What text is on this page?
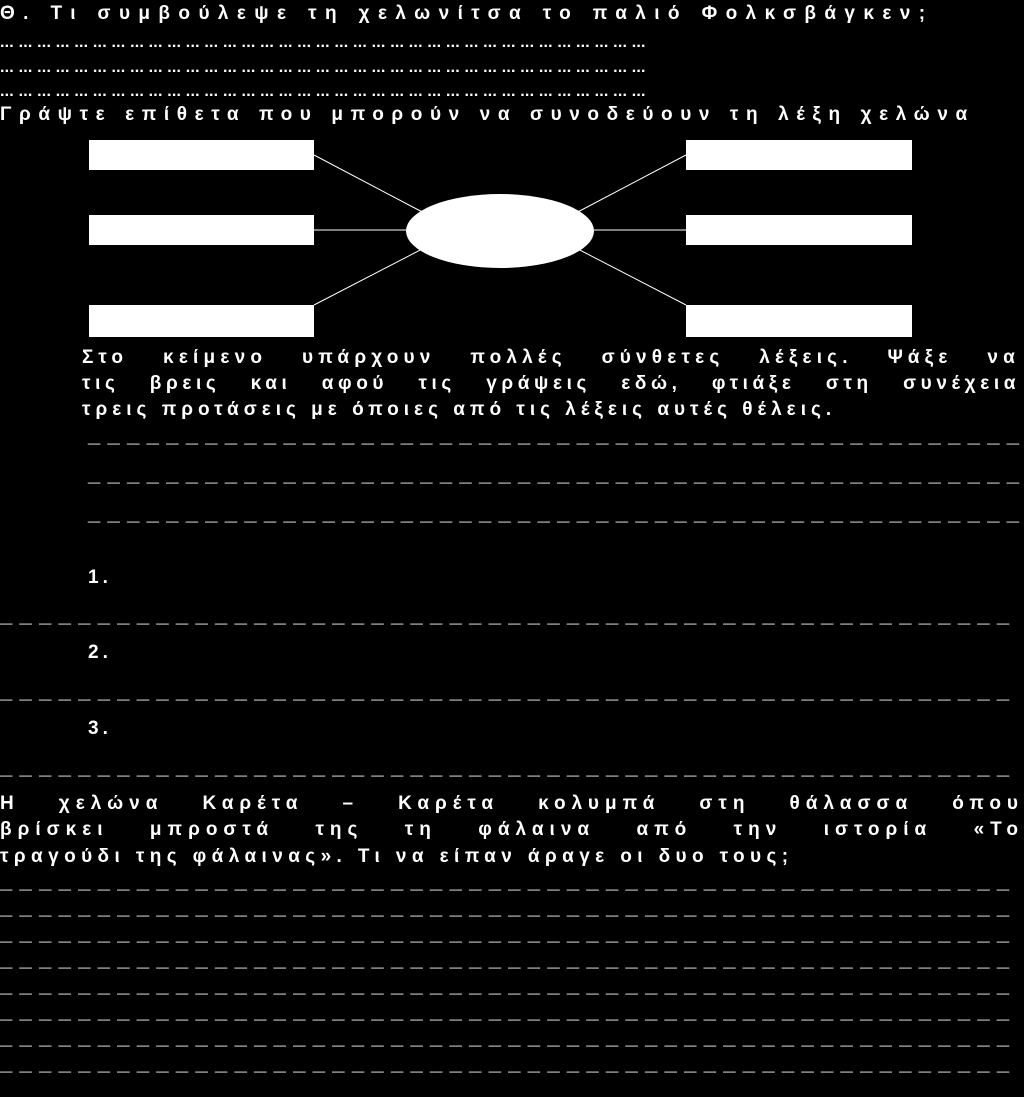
Θ. Τι συμβούλεψε τη χελωνίτσα το παλιό Φολκσβάγκεν;
... ... ... ... ... ... ... ... ... ... ... ... ... ... ... ... ... ... ... ... ... ... ... ... ... ... ... ... ... ... ... ... ... ... ...
... ... ... ... ... ... ... ... ... ... ... ... ... ... ... ... ... ... ... ... ... ... ... ... ... ... ... ... ... ... ... ... ... ... ...
... ... ... ... ... ... ... ... ... ... ... ... ... ... ... ... ... ... ... ... ... ... ... ... ... ... ... ... ... ... ... ... ... ... ...
Γράψτε επίθετα που μπορούν να συνοδεύουν τη λέξη χελώνα
Στο κείμενο υπάρχουν πολλές σύνθετες λέξεις. Ψάξε να
τις βρεις και αφού τις γράψεις εδώ, φτιάξε στη συνέχεια
τρεις προτάσεις με όποιες από τις λέξεις αυτές θέλεις.
_ _ _ _ _ _ _ _ _ _ _ _ _ _ _ _ _ _ _ _ _ _ _ _ _ _ _ _ _ _ _ _ _ _ _ _ _ _ _ _ _ _ _ _ _ _ _ _
_ _ _ _ _ _ _ _ _ _ _ _ _ _ _ _ _ _ _ _ _ _ _ _ _ _ _ _ _ _ _ _ _ _ _ _ _ _ _ _ _ _ _ _ _ _ _ _
_ _ _ _ _ _ _ _ _ _ _ _ _ _ _ _ _ _ _ _ _ _ _ _ _ _ _ _ _ _ _ _ _ _ _ _ _ _ _ _ _ _ _ _ _ _ _ _
1.
_ _ _ _ _ _ _ _ _ _ _ _ _ _ _ _ _ _ _ _ _ _ _ _ _ _ _ _ _ _ _ _ _ _ _ _ _ _ _ _ _ _ _ _ _ _ _ _ _ _ _ _
2.
_ _ _ _ _ _ _ _ _ _ _ _ _ _ _ _ _ _ _ _ _ _ _ _ _ _ _ _ _ _ _ _ _ _ _ _ _ _ _ _ _ _ _ _ _ _ _ _ _ _ _ _
3.
_ _ _ _ _ _ _ _ _ _ _ _ _ _ _ _ _ _ _ _ _ _ _ _ _ _ _ _ _ _ _ _ _ _ _ _ _ _ _ _ _ _ _ _ _ _ _ _ _ _ _ _
Η χελώνα Καρέτα – Καρέτα κολυμπά στη θάλασσα όπου
βρίσκει μπροστά της τη φάλαινα από την ιστορία «Το
τραγούδι της φάλαινας». Τι να είπαν άραγε οι δυο τους;
_ _ _ _ _ _ _ _ _ _ _ _ _ _ _ _ _ _ _ _ _ _ _ _ _ _ _ _ _ _ _ _ _ _ _ _ _ _ _ _ _ _ _ _ _ _ _ _ _ _ _ _
_ _ _ _ _ _ _ _ _ _ _ _ _ _ _ _ _ _ _ _ _ _ _ _ _ _ _ _ _ _ _ _ _ _ _ _ _ _ _ _ _ _ _ _ _ _ _ _ _ _ _ _
_ _ _ _ _ _ _ _ _ _ _ _ _ _ _ _ _ _ _ _ _ _ _ _ _ _ _ _ _ _ _ _ _ _ _ _ _ _ _ _ _ _ _ _ _ _ _ _ _ _ _ _
_ _ _ _ _ _ _ _ _ _ _ _ _ _ _ _ _ _ _ _ _ _ _ _ _ _ _ _ _ _ _ _ _ _ _ _ _ _ _ _ _ _ _ _ _ _ _ _ _ _ _ _
_ _ _ _ _ _ _ _ _ _ _ _ _ _ _ _ _ _ _ _ _ _ _ _ _ _ _ _ _ _ _ _ _ _ _ _ _ _ _ _ _ _ _ _ _ _ _ _ _ _ _ _
_ _ _ _ _ _ _ _ _ _ _ _ _ _ _ _ _ _ _ _ _ _ _ _ _ _ _ _ _ _ _ _ _ _ _ _ _ _ _ _ _ _ _ _ _ _ _ _ _ _ _ _
_ _ _ _ _ _ _ _ _ _ _ _ _ _ _ _ _ _ _ _ _ _ _ _ _ _ _ _ _ _ _ _ _ _ _ _ _ _ _ _ _ _ _ _ _ _ _ _ _ _ _ _
_ _ _ _ _ _ _ _ _ _ _ _ _ _ _ _ _ _ _ _ _ _ _ _ _ _ _ _ _ _ _ _ _ _ _ _ _ _ _ _ _ _ _ _ _ _ _ _ _ _ _ _
